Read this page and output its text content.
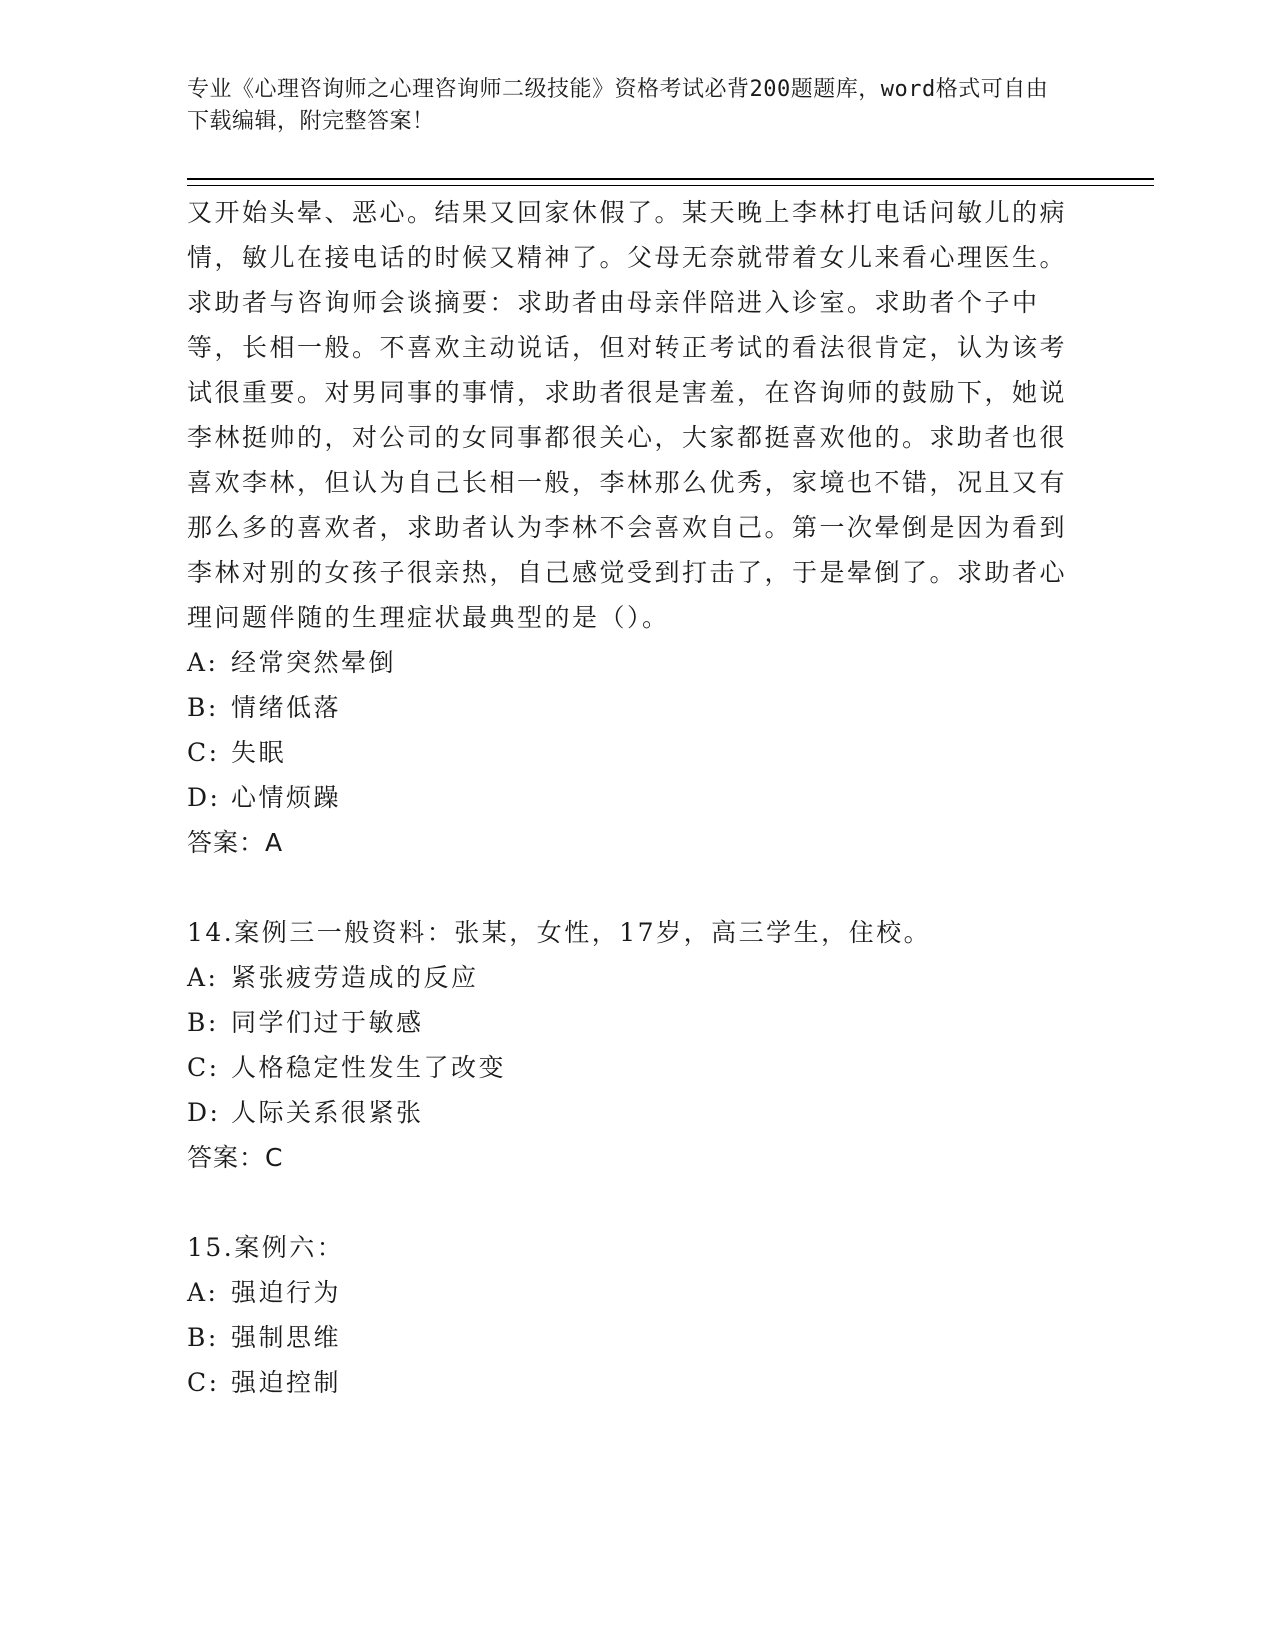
专业《心理咨询师之心理咨询师二级技能》资格考试必背200题题库，word格式可自由下载编辑，附完整答案！

又开始头晕、恶心。结果又回家休假了。某天晚上李林打电话问敏儿的病情，敏儿在接电话的时候又精神了。父母无奈就带着女儿来看心理医生。求助者与咨询师会谈摘要：求助者由母亲伴陪进入诊室。求助者个子中等，长相一般。不喜欢主动说话，但对转正考试的看法很肯定，认为该考试很重要。对男同事的事情，求助者很是害羞，在咨询师的鼓励下，她说李林挺帅的，对公司的女同事都很关心，大家都挺喜欢他的。求助者也很喜欢李林，但认为自己长相一般，李林那么优秀，家境也不错，况且又有那么多的喜欢者，求助者认为李林不会喜欢自己。第一次晕倒是因为看到李林对别的女孩子很亲热，自己感觉受到打击了，于是晕倒了。求助者心理问题伴随的生理症状最典型的是（）。

A: 经常突然晕倒
B: 情绪低落
C: 失眠
D: 心情烦躁
答案：A
14.案例三一般资料：张某，女性，17岁，高三学生，住校。
A: 紧张疲劳造成的反应
B: 同学们过于敏感
C: 人格稳定性发生了改变
D: 人际关系很紧张
答案：C
15.案例六：
A: 强迫行为
B: 强制思维
C: 强迫控制
